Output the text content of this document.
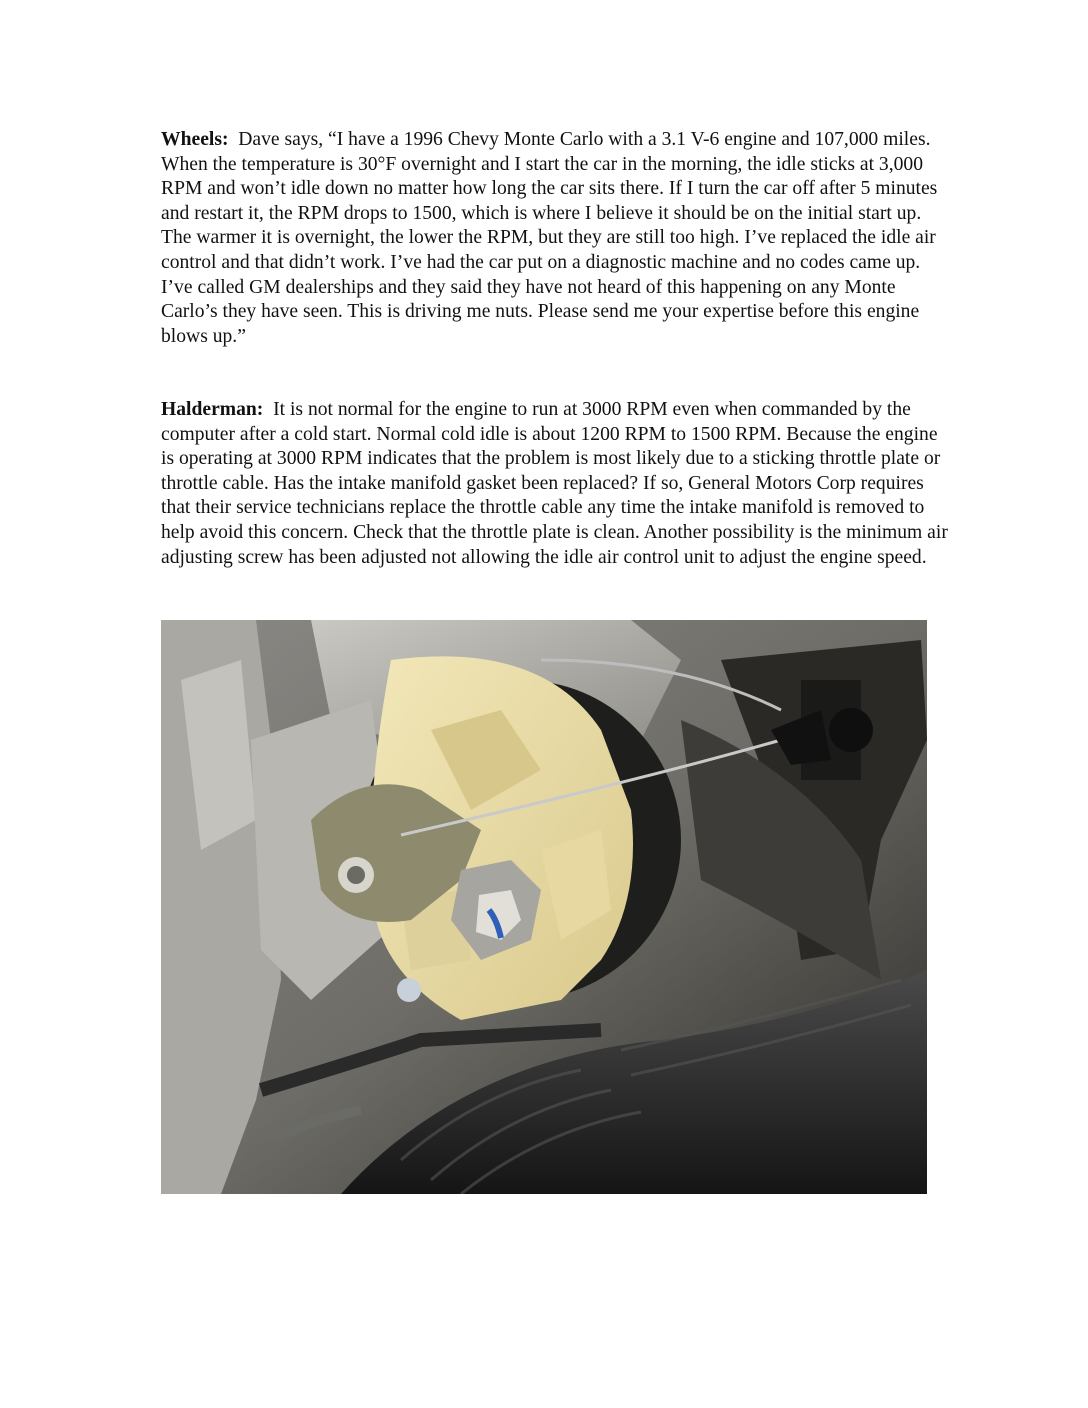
Wheels: Dave says, “I have a 1996 Chevy Monte Carlo with a 3.1 V-6 engine and 107,000 miles. When the temperature is 30°F overnight and I start the car in the morning, the idle sticks at 3,000 RPM and won’t idle down no matter how long the car sits there. If I turn the car off after 5 minutes and restart it, the RPM drops to 1500, which is where I believe it should be on the initial start up. The warmer it is overnight, the lower the RPM, but they are still too high. I’ve replaced the idle air control and that didn’t work. I’ve had the car put on a diagnostic machine and no codes came up. I’ve called GM dealerships and they said they have not heard of this happening on any Monte Carlo’s they have seen. This is driving me nuts. Please send me your expertise before this engine blows up.”

Halderman: It is not normal for the engine to run at 3000 RPM even when commanded by the computer after a cold start. Normal cold idle is about 1200 RPM to 1500 RPM. Because the engine is operating at 3000 RPM indicates that the problem is most likely due to a sticking throttle plate or throttle cable. Has the intake manifold gasket been replaced? If so, General Motors Corp requires that their service technicians replace the throttle cable any time the intake manifold is removed to help avoid this concern. Check that the throttle plate is clean. Another possibility is the minimum air adjusting screw has been adjusted not allowing the idle air control unit to adjust the engine speed.
